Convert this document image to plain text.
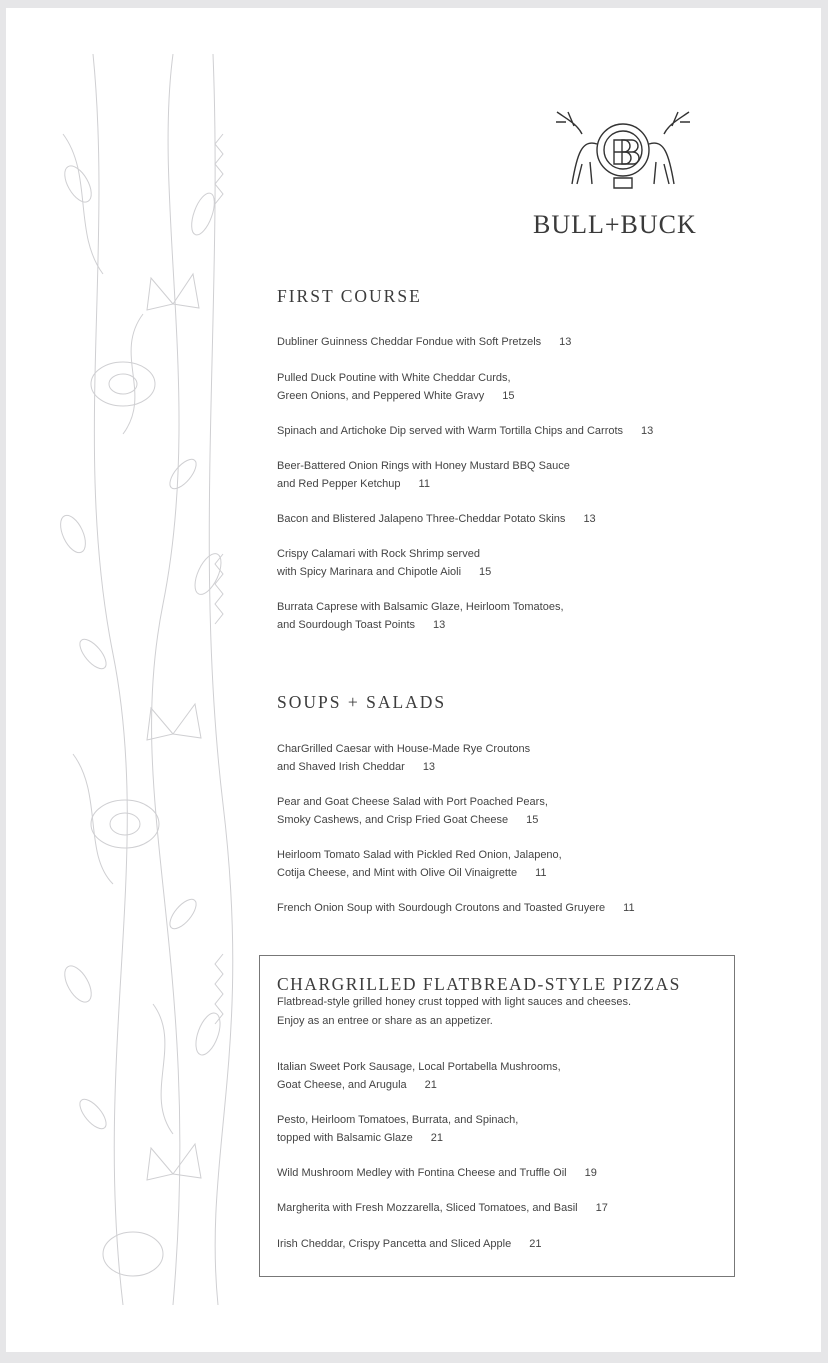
BULL+BUCK
FIRST COURSE
Dubliner Guinness Cheddar Fondue with Soft Pretzels 13
Pulled Duck Poutine with White Cheddar Curds,
Green Onions, and Peppered White Gravy 15
Spinach and Artichoke Dip served with Warm Tortilla Chips and Carrots 13
Beer-Battered Onion Rings with Honey Mustard BBQ Sauce
and Red Pepper Ketchup 11
Bacon and Blistered Jalapeno Three-Cheddar Potato Skins 13
Crispy Calamari with Rock Shrimp served
with Spicy Marinara and Chipotle Aioli 15
Burrata Caprese with Balsamic Glaze, Heirloom Tomatoes,
and Sourdough Toast Points 13
SOUPS + SALADS
CharGrilled Caesar with House-Made Rye Croutons
and Shaved Irish Cheddar 13
Pear and Goat Cheese Salad with Port Poached Pears,
Smoky Cashews, and Crisp Fried Goat Cheese 15
Heirloom Tomato Salad with Pickled Red Onion, Jalapeno,
Cotija Cheese, and Mint with Olive Oil Vinaigrette 11
French Onion Soup with Sourdough Croutons and Toasted Gruyere 11
CHARGRILLED FLATBREAD-STYLE PIZZAS
Flatbread-style grilled honey crust topped with light sauces and cheeses.
Enjoy as an entree or share as an appetizer.
Italian Sweet Pork Sausage, Local Portabella Mushrooms,
Goat Cheese, and Arugula 21
Pesto, Heirloom Tomatoes, Burrata, and Spinach,
topped with Balsamic Glaze 21
Wild Mushroom Medley with Fontina Cheese and Truffle Oil 19
Margherita with Fresh Mozzarella, Sliced Tomatoes, and Basil 17
Irish Cheddar, Crispy Pancetta and Sliced Apple 21
